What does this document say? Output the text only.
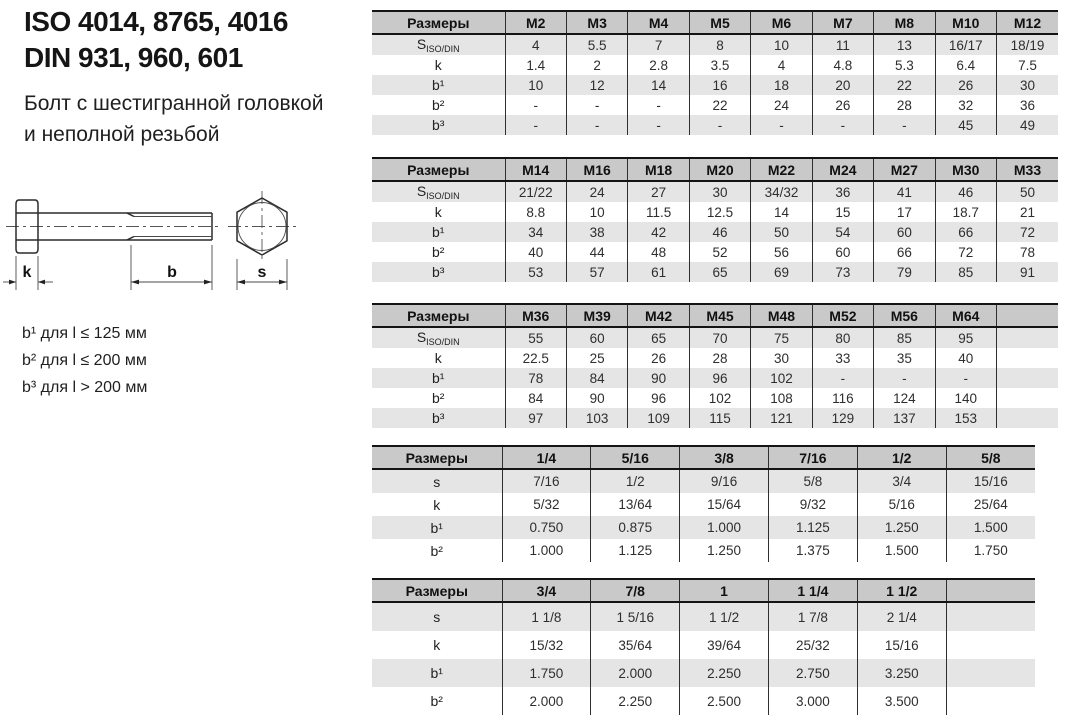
ISO 4014, 8765, 4016
DIN 931, 960, 601
Болт с шестигранной головкой
и неполной резьбой
k	b	s
b¹ для l ≤ 125 мм
b² для l ≤ 200 мм
b³ для l > 200 мм
Размеры	M2	M3	M4	M5	M6	M7	M8	M10	M12
$S_{ISO/DIN}$	4	5.5	7	8	10	11	13	16/17	18/19
k	1.4	2	2.8	3.5	4	4.8	5.3	6.4	7.5
b¹	10	12	14	16	18	20	22	26	30
b²	-	-	-	22	24	26	28	32	36
b³	-	-	-	-	-	-	-	45	49
Размеры	M14	M16	M18	M20	M22	M24	M27	M30	M33
$S_{ISO/DIN}$	21/22	24	27	30	34/32	36	41	46	50
k	8.8	10	11.5	12.5	14	15	17	18.7	21
b¹	34	38	42	46	50	54	60	66	72
b²	40	44	48	52	56	60	66	72	78
b³	53	57	61	65	69	73	79	85	91
Размеры	M36	M39	M42	M45	M48	M52	M56	M64	
$S_{ISO/DIN}$	55	60	65	70	75	80	85	95	
k	22.5	25	26	28	30	33	35	40	
b¹	78	84	90	96	102	-	-	-	
b²	84	90	96	102	108	116	124	140	
b³	97	103	109	115	121	129	137	153	
Размеры	1/4	5/16	3/8	7/16	1/2	5/8
s	7/16	1/2	9/16	5/8	3/4	15/16
k	5/32	13/64	15/64	9/32	5/16	25/64
b¹	0.750	0.875	1.000	1.125	1.250	1.500
b²	1.000	1.125	1.250	1.375	1.500	1.750
Размеры	3/4	7/8	1	1 1/4	1 1/2	
s	1 1/8	1 5/16	1 1/2	1 7/8	2 1/4	
k	15/32	35/64	39/64	25/32	15/16	
b¹	1.750	2.000	2.250	2.750	3.250	
b²	2.000	2.250	2.500	3.000	3.500	
